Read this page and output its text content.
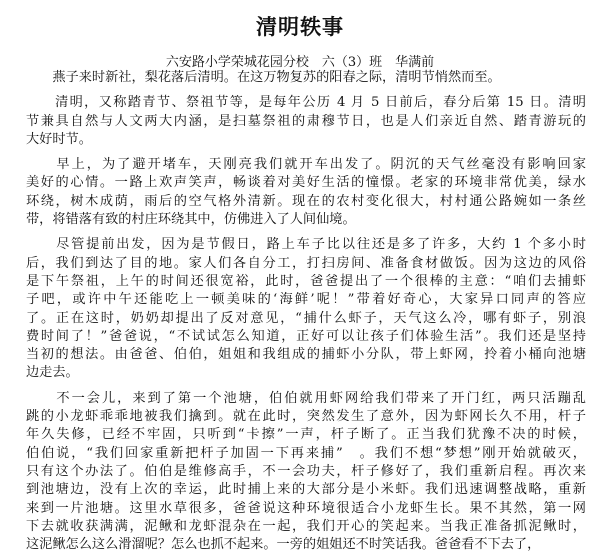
清明轶事
六安路小学荣城花园分校　六（3）班　华满前
　　燕子来时新社，梨花落后清明。在这万物复苏的阳春之际，清明节悄然而至。
　　清明，又称踏青节、祭祖节等，是每年公历 4 月 5 日前后，春分后第 15 日。清明
节兼具自然与人文两大内涵，是扫墓祭祖的肃穆节日，也是人们亲近自然、踏青游玩的
大好时节。
　　早上，为了避开堵车，天刚亮我们就开车出发了。阴沉的天气丝毫没有影响回家
美好的心情。一路上欢声笑声，畅谈着对美好生活的憧憬。老家的环境非常优美，绿水
环绕，树木成荫，雨后的空气格外清新。现在的农村变化很大，村村通公路婉如一条丝
带，将错落有致的村庄环绕其中，仿佛进入了人间仙境。
　　尽管提前出发，因为是节假日，路上车子比以往还是多了许多，大约 1 个多小时
后，我们到达了目的地。家人们各自分工，打扫房间、准备食材做饭。因为这边的风俗
是下午祭祖，上午的时间还很宽裕，此时，爸爸提出了一个很棒的主意：“咱们去捕虾
子吧，或许中午还能吃上一顿美味的‘海鲜’呢！”带着好奇心，大家异口同声的答应
了。正在这时，奶奶却提出了反对意见，“捕什么虾子，天气这么冷，哪有虾子，别浪
费时间了！”爸爸说，“不试试怎么知道，正好可以让孩子们体验生活”。我们还是坚持
当初的想法。由爸爸、伯伯，姐姐和我组成的捕虾小分队，带上虾网，拎着小桶向池塘
边走去。
　　不一会儿，来到了第一个池塘，伯伯就用虾网给我们带来了开门红，两只活蹦乱
跳的小龙虾乖乖地被我们擒到。就在此时，突然发生了意外，因为虾网长久不用，杆子
年久失修，已经不牢固，只听到“卡擦”一声，杆子断了。正当我们犹豫不决的时候，
伯伯说，“我们回家重新把杆子加固一下再来捕”　。我们不想“梦想”刚开始就破灭，
只有这个办法了。伯伯是维修高手，不一会功夫，杆子修好了，我们重新启程。再次来
到池塘边，没有上次的幸运，此时捕上来的大部分是小米虾。我们迅速调整战略，重新
来到一片池塘。这里水草很多，爸爸说这种环境很适合小龙虾生长。果不其然，第一网
下去就收获满满，泥鳅和龙虾混杂在一起，我们开心的笑起来。当我正准备抓泥鳅时，
这泥鳅怎么这么滑溜呢？怎么也抓不起来。一旁的姐姐还不时笑话我。爸爸看不下去了，
